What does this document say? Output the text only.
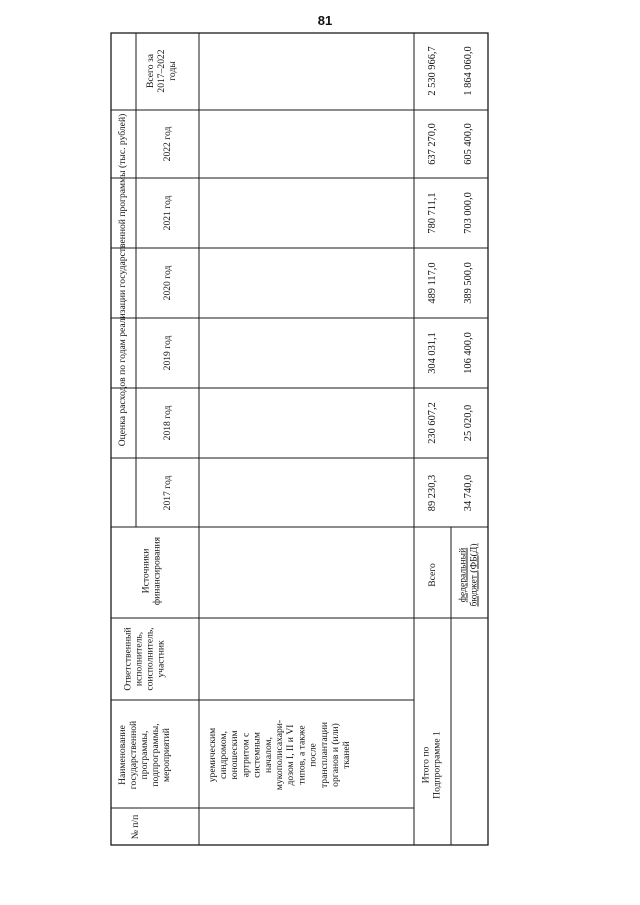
81
№ п/п
Наименованиегосударственнойпрограммы,подпрограммы,мероприятий
Ответственныйисполнитель,соисполнитель,участник
Источникифинансирования
Оценка расходов по годам реализации государственной программы (тыс. рублей)
2017 год
2018 год
2019 год
2020 год
2021 год
2022 год
Всего за2017–2022годы
уремическимсиндромом,юношескимартритом ссистемнымначалом,мукополисахари-дозом I, II и VIтипов, а такжепослетрансплантацииорганов и (или)тканей	Итого поПодпрограмме 1
Всего
89 230,3
230 607,2
304 031,1
489 117,0
780 711,1
637 270,0
2 530 966,7
федеральныйбюджет (ФБ(Д)
34 740,0
25 020,0
106 400,0
389 500,0
703 000,0
605 400,0
1 864 060,0
